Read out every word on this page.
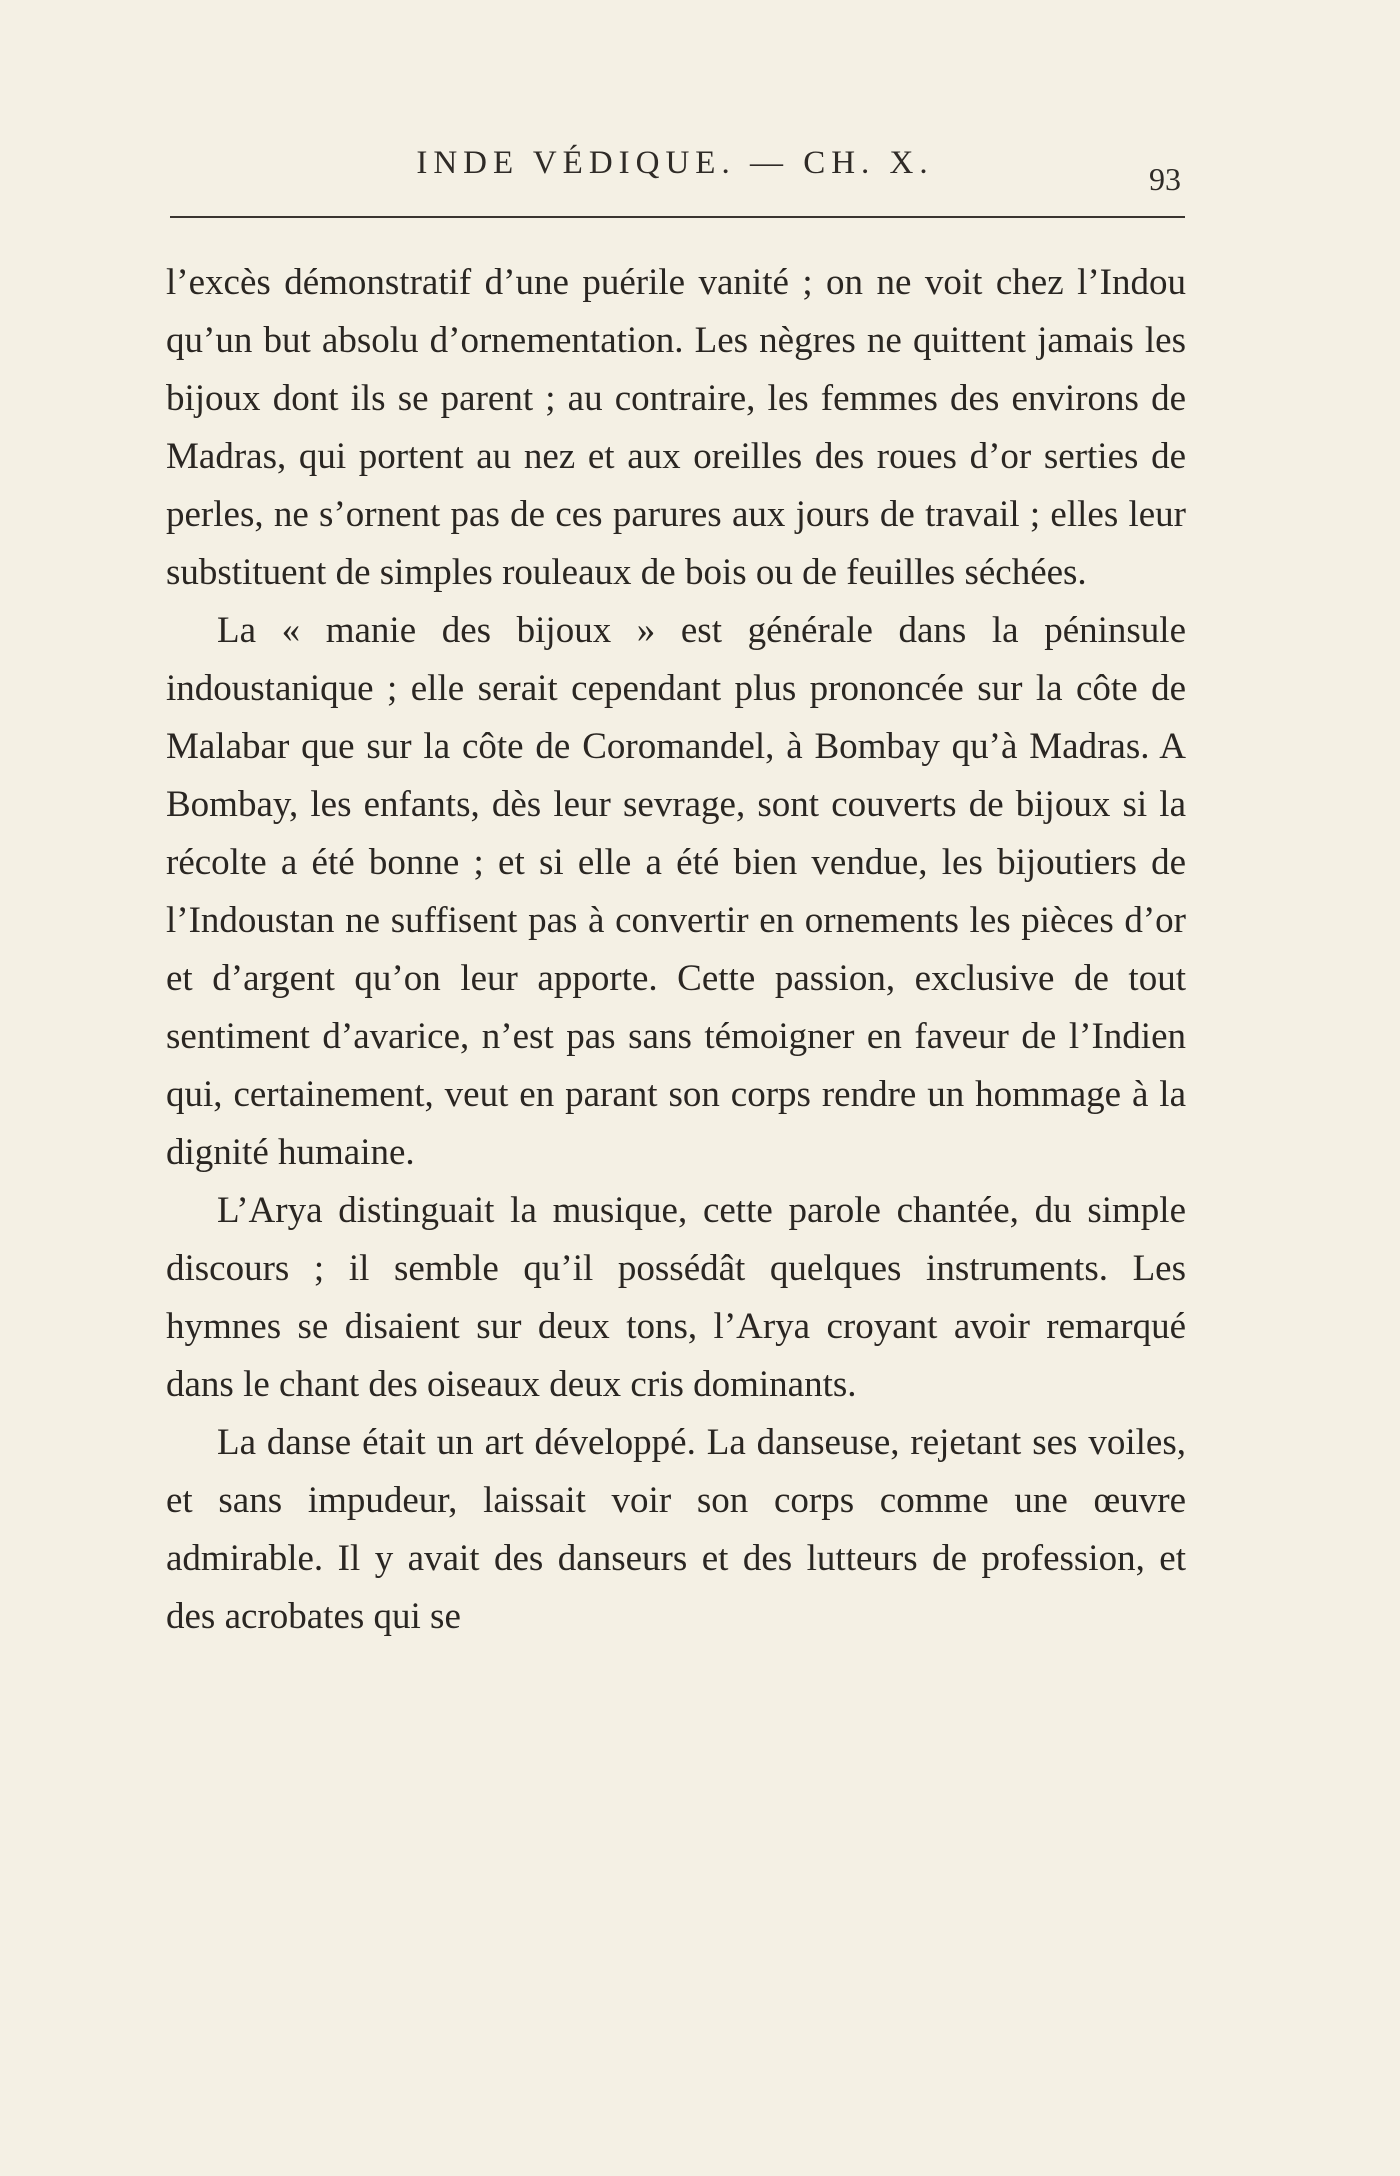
INDE VÉDIQUE. — CH. X.	93

l’excès démonstratif d’une puérile vanité ; on ne voit chez l’Indou qu’un but absolu d’ornementation. Les nègres ne quittent jamais les bijoux dont ils se parent ; au contraire, les femmes des environs de Madras, qui portent au nez et aux oreilles des roues d’or serties de perles, ne s’ornent pas de ces parures aux jours de travail ; elles leur substituent de simples rouleaux de bois ou de feuilles séchées.

La « manie des bijoux » est générale dans la péninsule indoustanique ; elle serait cependant plus prononcée sur la côte de Malabar que sur la côte de Coromandel, à Bombay qu’à Madras. A Bombay, les enfants, dès leur sevrage, sont couverts de bijoux si la récolte a été bonne ; et si elle a été bien vendue, les bijoutiers de l’Indoustan ne suffisent pas à convertir en ornements les pièces d’or et d’argent qu’on leur apporte. Cette passion, exclusive de tout sentiment d’avarice, n’est pas sans témoigner en faveur de l’Indien qui, certainement, veut en parant son corps rendre un hommage à la dignité humaine.

L’Arya distinguait la musique, cette parole chantée, du simple discours ; il semble qu’il possédât quelques instruments. Les hymnes se disaient sur deux tons, l’Arya croyant avoir remarqué dans le chant des oiseaux deux cris dominants.

La danse était un art développé. La danseuse, rejetant ses voiles, et sans impudeur, laissait voir son corps comme une œuvre admirable. Il y avait des danseurs et des lutteurs de profession, et des acrobates qui se
